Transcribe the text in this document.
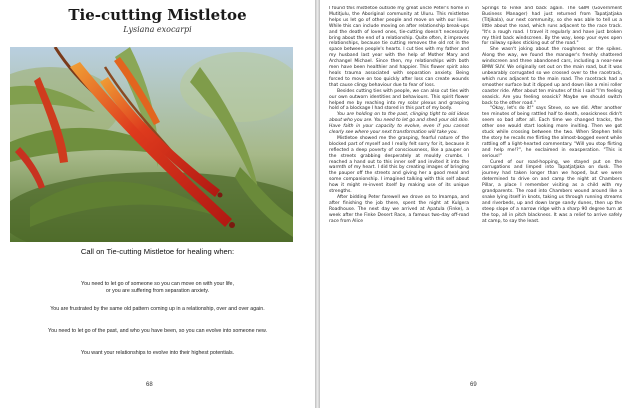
Tie-cutting Mistletoe
Lysiana exocarpi
Call on Tie-cutting Mistletoe for healing when:
You need to let go of someone so you can move on with your life,
or you are suffering from separation anxiety.
You are frustrated by the same old pattern coming up in a relationship, over and over again.
You need to let go of the past, and who you have been, so you can evolve into someone new.
You want your relationships to evolve into their highest potentials.
68

I found this mistletoe outside my great uncle Peter's home in Mutitjulu, the Aboriginal community at Uluru. This mistletoe helps us let go of other people and move on with our lives. While this can include moving on after relationship break-ups and the death of loved ones, tie-cutting doesn't necessarily bring about the end of a relationship. Quite often, it improves relationships, because tie cutting removes the old rot in the space between people's hearts. I cut ties with my father and my husband last year with the help of Mother Mary and Archangel Michael. Since then, my relationships with both men have been healthier and happier. This flower spirit also heals trauma associated with separation anxiety. Being forced to move on too quickly after loss can create wounds that cause clingy behaviour due to fear of loss.

Besides cutting ties with people, we can also cut ties with our own outworn identities and behaviours. This spirit flower helped me by reaching into my solar plexus and grasping hold of a blockage I had stored in this part of my body.

You are holding on to the past, clinging tight to old ideas about who you are. You need to let go and shed your old skin. Have faith in your capacity to evolve, even if you cannot clearly see where your next transformation will take you.

Mistletoe showed me the grasping, fearful nature of the blocked part of myself and I really felt sorry for it, because it reflected a deep poverty of consciousness, like a pauper on the streets grabbing desperately at mouldy crumbs. I reached a hand out to this inner self and invited it into the warmth of my heart. I did this by creating images of bringing the pauper off the streets and giving her a good meal and some companionship. I imagined talking with this self about how it might re-invent itself by making use of its unique strengths.

After bidding Peter farewell we drove on to Imampa, and after finishing the job there, spent the night at Kulgera Roadhouse. The next day we arrived at Apatula (Finke), a week after the Finke Desert Race, a famous two-day off-road race from Alice

Springs to Finke and back again. The GBM (Government Business Manager) had just returned from Tapatjatjaka (Titjikala), our next community, so she was able to tell us a little about the road, which runs adjacent to the race track. "It's a rough road. I travel it regularly and have just broken my third back windscreen. By the way, keep your eyes open for railway spikes sticking out of the road."

She wasn't joking about the roughness or the spikes. Along the way, we found the manager's freshly shattered windscreen and three abandoned cars, including a near-new BMW SUV. We originally set out on the main road, but it was unbearably corrugated so we crossed over to the racetrack, which runs adjacent to the main road. The racetrack had a smoother surface but it dipped up and down like a mini roller coaster ride. After about ten minutes of this I said "I'm feeling seasick. Are you feeling seasick? Maybe we should switch back to the other road."

"Okay, let's do it!" says Steve, so we did. After another ten minutes of being rattled half to death, seasickness didn't seem so bad after all. Each time we changed tracks, the other one would start looking more inviting. Then we got stuck while crossing between the two. When Stephen tells the story he recalls me flirting the almost-bogged event while rattling off a light-hearted commentary. "Will you stop flirting and help me!?", he exclaimed in exasperation. "This is serious!"

Cured of our road-hopping, we stayed put on the corrugations and limped into Tapatjatjaka on dusk. The journey had taken longer than we hoped, but we were determined to drive on and camp the night at Chambers Pillar, a place I remember visiting as a child with my grandparents. The road into Chambers wound around like a snake lying itself in knots, taking us through running streams and riverbeds, up and down large sandy dunes, then up the steep slope of a narrow ridge with a sharp 90 degree turn at the top, all in pitch blackness. It was a relief to arrive safely at camp, to say the least.

69
